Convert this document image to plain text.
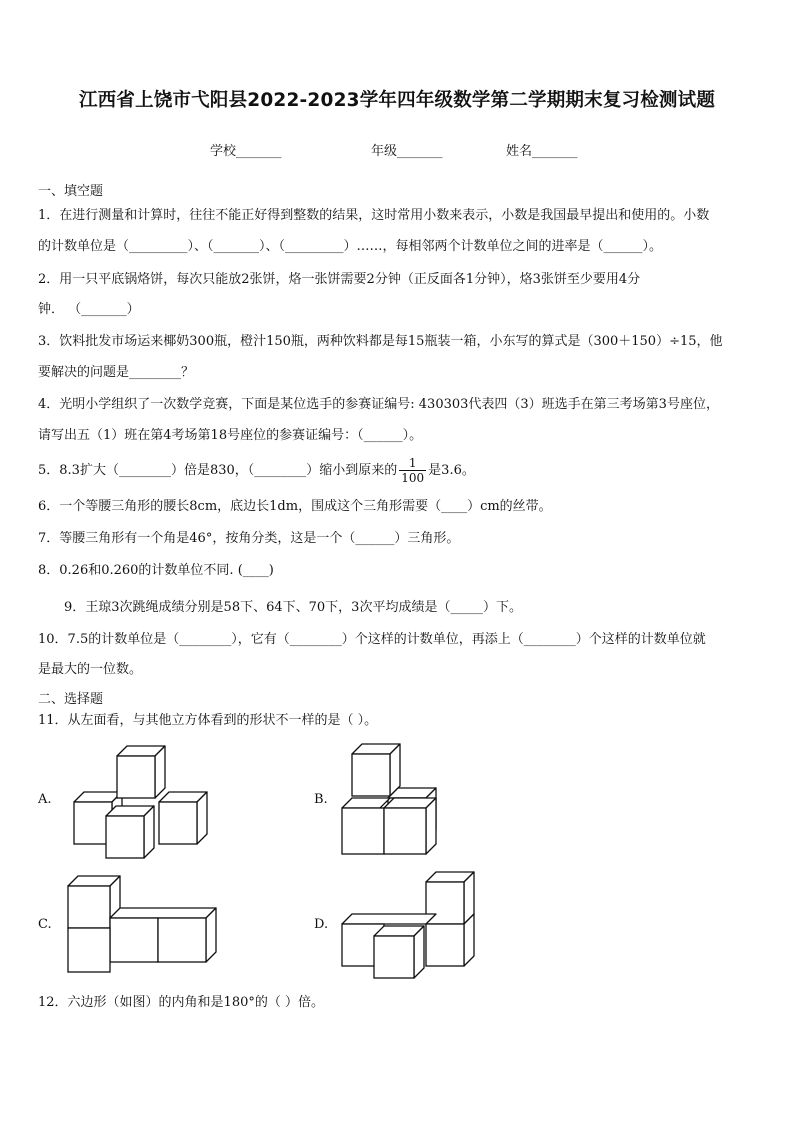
江西省上饶市弋阳县2022-2023学年四年级数学第二学期期末复习检测试题
学校_______	年级_______	姓名_______
一、填空题
1．在进行测量和计算时，往往不能正好得到整数的结果，这时常用小数来表示，小数是我国最早提出和使用的。小数
的计数单位是（_________）、（_______）、（_________）……，每相邻两个计数单位之间的进率是（______）。
2．用一只平底锅烙饼，每次只能放2张饼，烙一张饼需要2分钟（正反面各1分钟），烙3张饼至少要用4分
钟． （_______）
3．饮料批发市场运来椰奶300瓶，橙汁150瓶，两种饮料都是每15瓶装一箱，小东写的算式是（300＋150）÷15，他
要解决的问题是________？
4．光明小学组织了一次数学竞赛，下面是某位选手的参赛证编号: 430303代表四（3）班选手在第三考场第3号座位，
请写出五（1）班在第4考场第18号座位的参赛证编号：（______）。
5．8.3扩大（________）倍是830，（________）缩小到原来的 $\frac{1}{100}$ 是3.6。
6．一个等腰三角形的腰长8cm，底边长1dm，围成这个三角形需要（____）cm的丝带。
7．等腰三角形有一个角是46°，按角分类，这是一个（______）三角形。
8．0.26和0.260的计数单位不同. (____)
9．王琼3次跳绳成绩分别是58下、64下、70下，3次平均成绩是（_____）下。
10．7.5的计数单位是（________），它有（________）个这样的计数单位，再添上（________）个这样的计数单位就
是最大的一位数。
二、选择题
11．从左面看，与其他立方体看到的形状不一样的是（ ）。
A.	B.
C.	D.
12．六边形（如图）的内角和是180°的（ ）倍。
